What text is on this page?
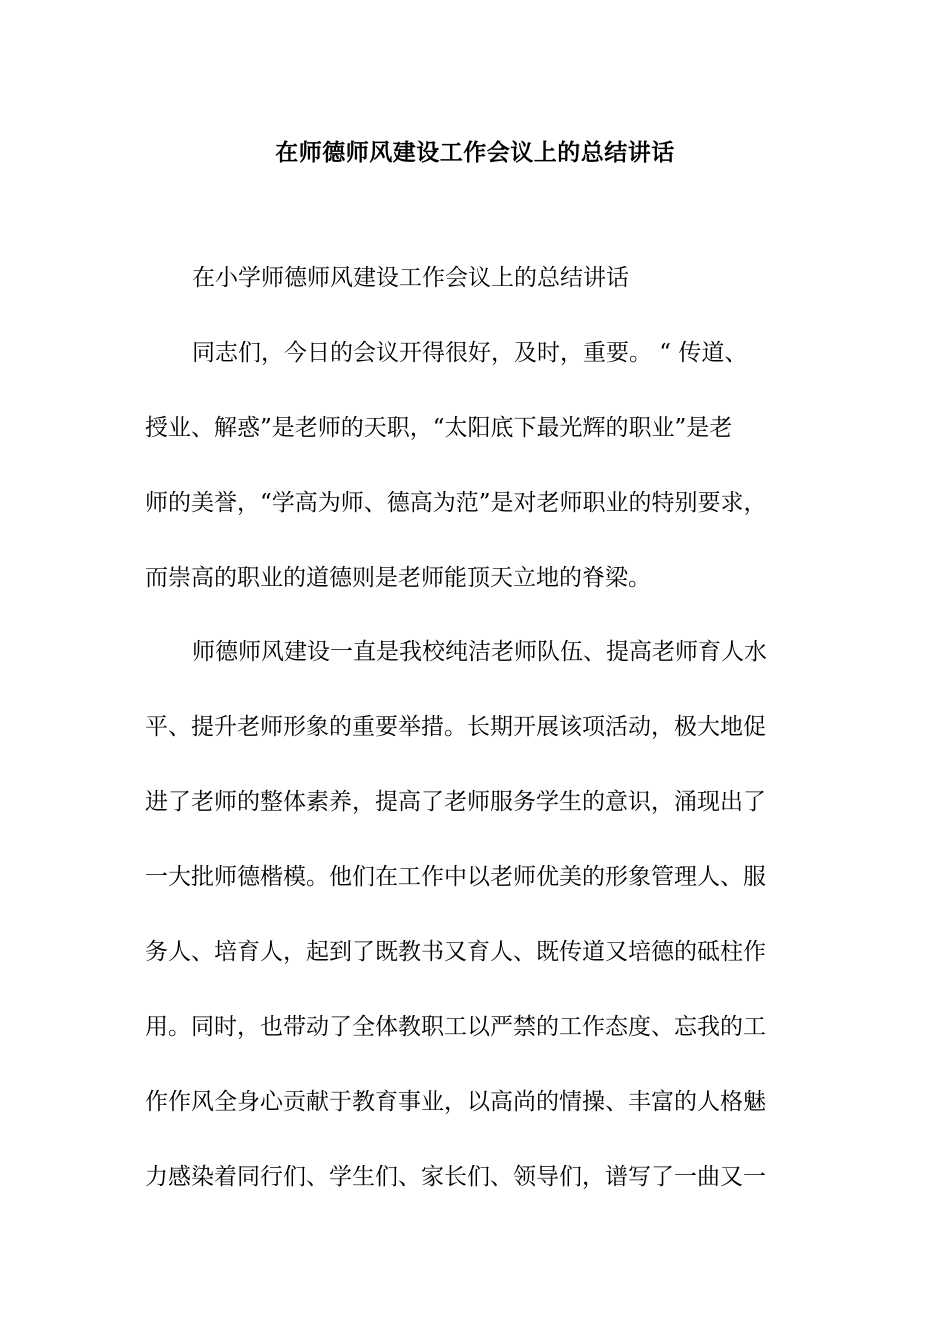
在师德师风建设工作会议上的总结讲话
在小学师德师风建设工作会议上的总结讲话
同志们，今日的会议开得很好，及时，重要。 “ 传道、
授业、解惑”是老师的天职，“太阳底下最光辉的职业”是老
师的美誉，“学高为师、德高为范”是对老师职业的特别要求，
而崇高的职业的道德则是老师能顶天立地的脊梁。
师德师风建设一直是我校纯洁老师队伍、提高老师育人水
平、提升老师形象的重要举措。长期开展该项活动，极大地促
进了老师的整体素养，提高了老师服务学生的意识，涌现出了
一大批师德楷模。他们在工作中以老师优美的形象管理人、服
务人、培育人，起到了既教书又育人、既传道又培德的砥柱作
用。同时，也带动了全体教职工以严禁的工作态度、忘我的工
作作风全身心贡献于教育事业，以高尚的情操、丰富的人格魅
力感染着同行们、学生们、家长们、领导们，谱写了一曲又一
